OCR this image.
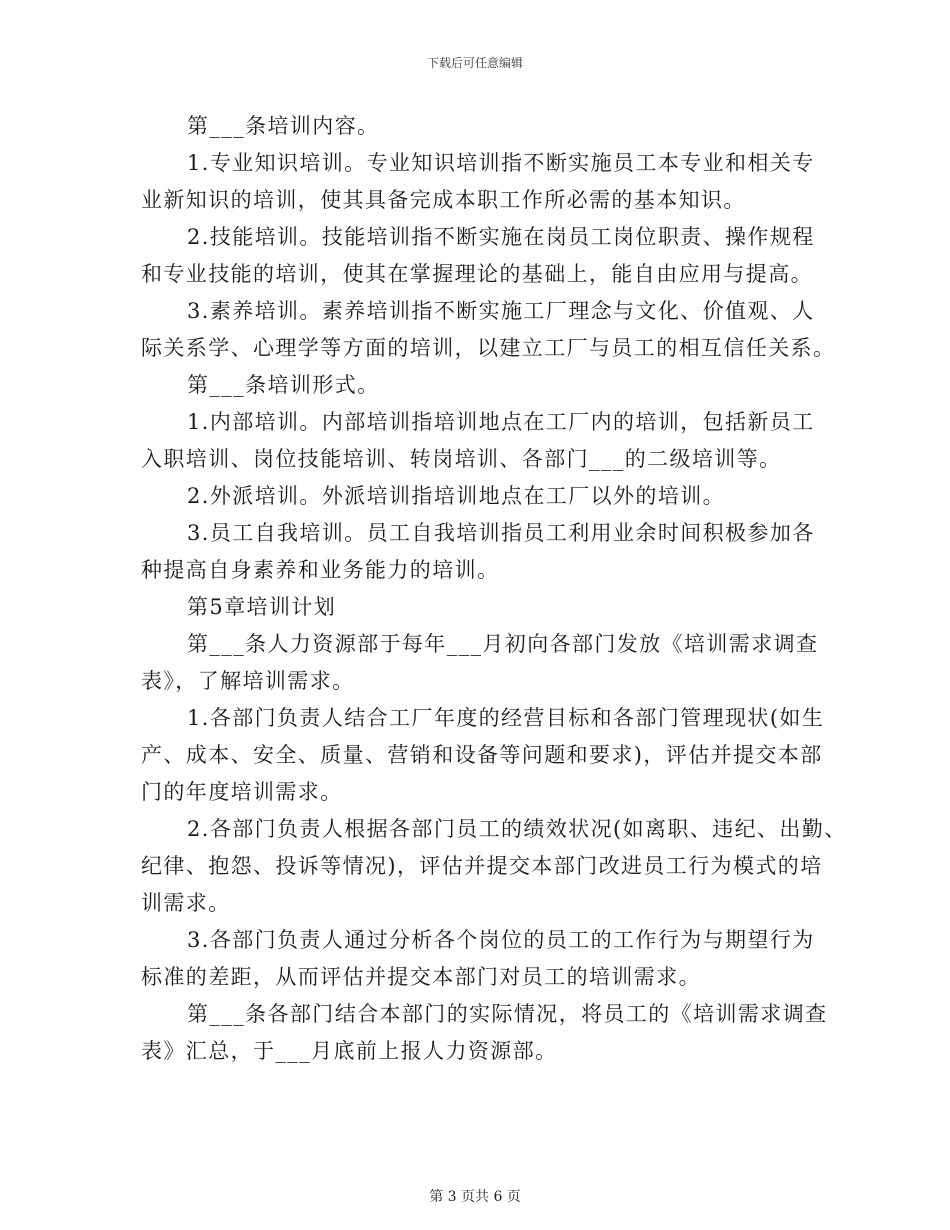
下载后可任意编辑

第___条培训内容。

1.专业知识培训。专业知识培训指不断实施员工本专业和相关专
业新知识的培训，使其具备完成本职工作所必需的基本知识。

2.技能培训。技能培训指不断实施在岗员工岗位职责、操作规程
和专业技能的培训，使其在掌握理论的基础上，能自由应用与提高。

3.素养培训。素养培训指不断实施工厂理念与文化、价值观、人
际关系学、心理学等方面的培训，以建立工厂与员工的相互信任关系。

第___条培训形式。

1.内部培训。内部培训指培训地点在工厂内的培训，包括新员工
入职培训、岗位技能培训、转岗培训、各部门___的二级培训等。

2.外派培训。外派培训指培训地点在工厂以外的培训。

3.员工自我培训。员工自我培训指员工利用业余时间积极参加各
种提高自身素养和业务能力的培训。

第5章培训计划

第___条人力资源部于每年___月初向各部门发放《培训需求调查
表》，了解培训需求。

1.各部门负责人结合工厂年度的经营目标和各部门管理现状(如生
产、成本、安全、质量、营销和设备等问题和要求)，评估并提交本部
门的年度培训需求。

2.各部门负责人根据各部门员工的绩效状况(如离职、违纪、出勤、
纪律、抱怨、投诉等情况)，评估并提交本部门改进员工行为模式的培
训需求。

3.各部门负责人通过分析各个岗位的员工的工作行为与期望行为
标准的差距，从而评估并提交本部门对员工的培训需求。

第___条各部门结合本部门的实际情况，将员工的《培训需求调查
表》汇总，于___月底前上报人力资源部。

第 3 页共 6 页
